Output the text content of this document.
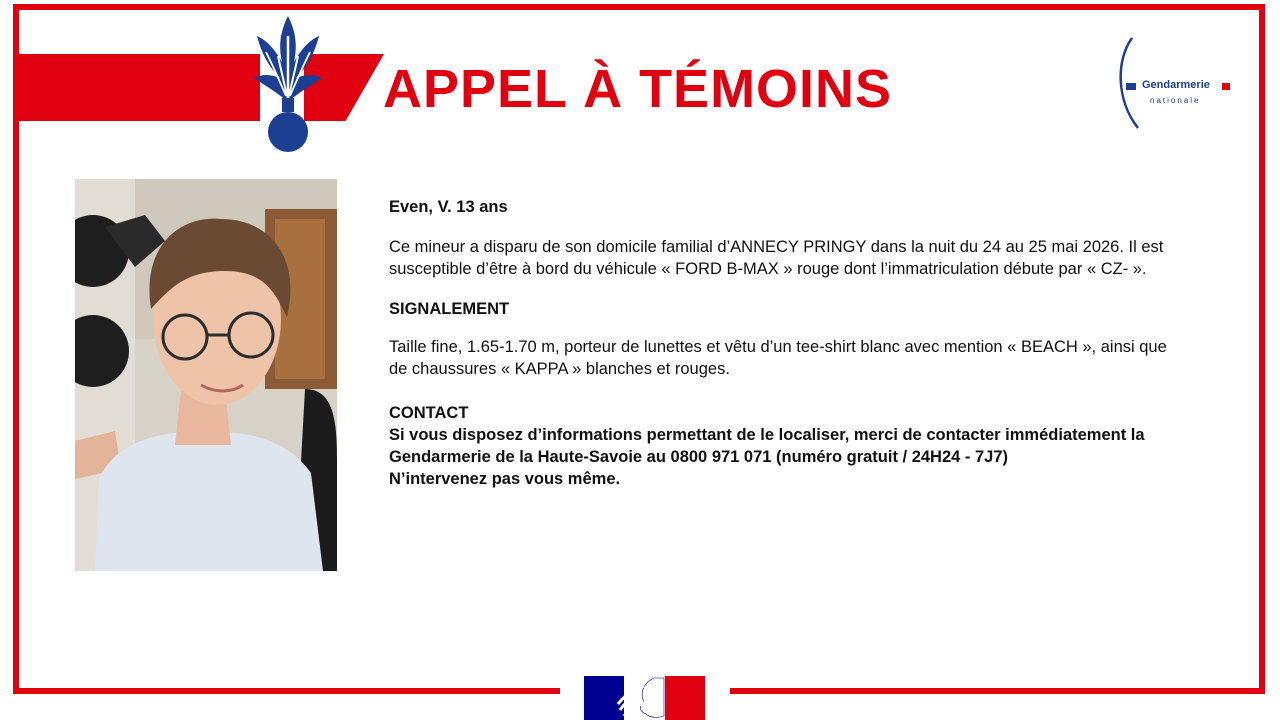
APPEL À TÉMOINS	Gendarmerie
nationale

Even, V. 13 ans

Ce mineur a disparu de son domicile familial d’ANNECY PRINGY dans la nuit du 24 au 25 mai 2026. Il est susceptible d’être à bord du véhicule « FORD B-MAX » rouge dont l’immatriculation débute par « CZ- ».

SIGNALEMENT

Taille fine, 1.65-1.70 m, porteur de lunettes et vêtu d’un tee-shirt blanc avec mention « BEACH », ainsi que de chaussures « KAPPA » blanches et rouges.

CONTACT

Si vous disposez d’informations permettant de le localiser, merci de contacter immédiatement la Gendarmerie de la Haute-Savoie au 0800 971 071 (numéro gratuit / 24H24 - 7J7)

N’intervenez pas vous même.
